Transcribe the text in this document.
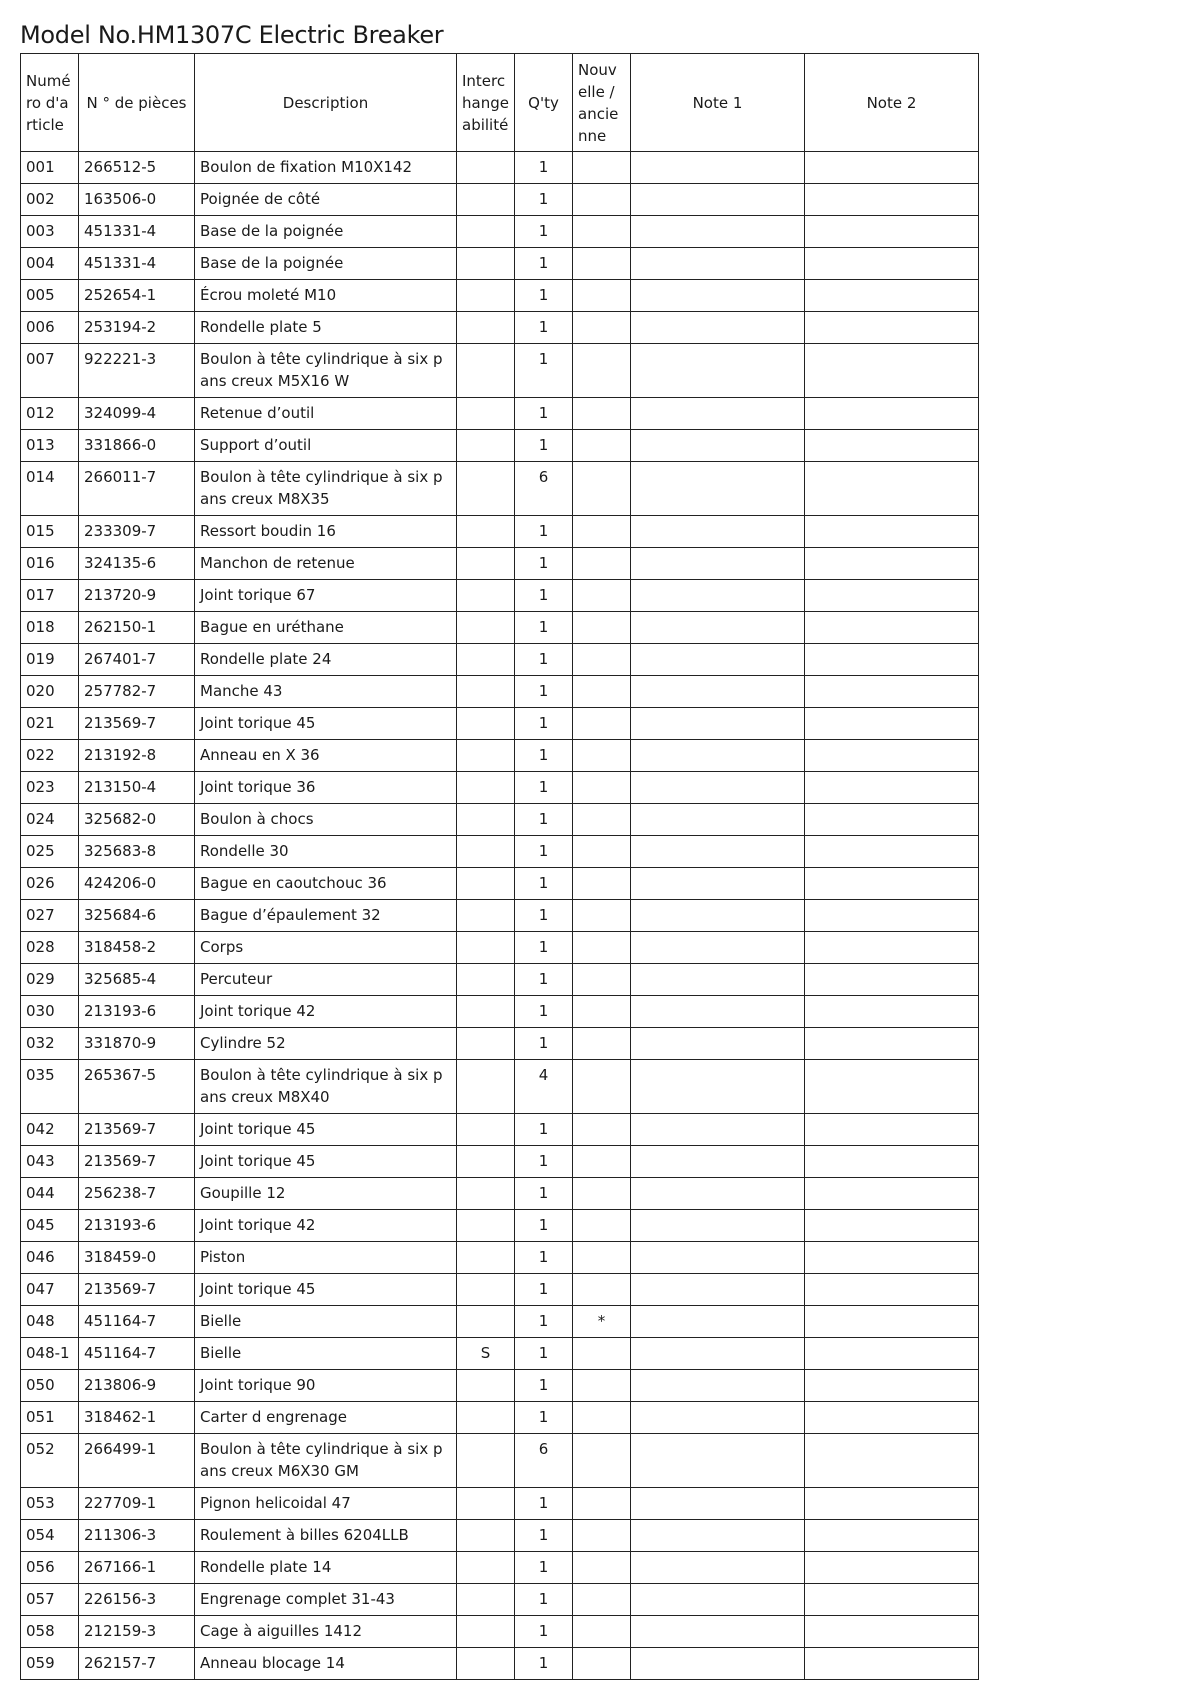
Model No.HM1307C Electric Breaker
Numéro d'article	N ° de pièces	Description	Interchangeabilité	Q'ty	Nouvelle / ancienne	Note 1	Note 2
001	266512-5	Boulon de fixation M10X142		1			
002	163506-0	Poignée de côté		1			
003	451331-4	Base de la poignée		1			
004	451331-4	Base de la poignée		1			
005	252654-1	Écrou moleté M10		1			
006	253194-2	Rondelle plate 5		1			
007	922221-3	Boulon à tête cylindrique à six pans creux M5X16 W		1			
012	324099-4	Retenue d’outil		1			
013	331866-0	Support d’outil		1			
014	266011-7	Boulon à tête cylindrique à six pans creux M8X35		6			
015	233309-7	Ressort boudin 16		1			
016	324135-6	Manchon de retenue		1			
017	213720-9	Joint torique 67		1			
018	262150-1	Bague en uréthane		1			
019	267401-7	Rondelle plate 24		1			
020	257782-7	Manche 43		1			
021	213569-7	Joint torique 45		1			
022	213192-8	Anneau en X 36		1			
023	213150-4	Joint torique 36		1			
024	325682-0	Boulon à chocs		1			
025	325683-8	Rondelle 30		1			
026	424206-0	Bague en caoutchouc 36		1			
027	325684-6	Bague d’épaulement 32		1			
028	318458-2	Corps		1			
029	325685-4	Percuteur		1			
030	213193-6	Joint torique 42		1			
032	331870-9	Cylindre 52		1			
035	265367-5	Boulon à tête cylindrique à six pans creux M8X40		4			
042	213569-7	Joint torique 45		1			
043	213569-7	Joint torique 45		1			
044	256238-7	Goupille 12		1			
045	213193-6	Joint torique 42		1			
046	318459-0	Piston		1			
047	213569-7	Joint torique 45		1			
048	451164-7	Bielle		1	*		
048-1	451164-7	Bielle	S	1			
050	213806-9	Joint torique 90		1			
051	318462-1	Carter d engrenage		1			
052	266499-1	Boulon à tête cylindrique à six pans creux M6X30 GM		6			
053	227709-1	Pignon helicoidal 47		1			
054	211306-3	Roulement à billes 6204LLB		1			
056	267166-1	Rondelle plate 14		1			
057	226156-3	Engrenage complet 31-43		1			
058	212159-3	Cage à aiguilles 1412		1			
059	262157-7	Anneau blocage 14		1			
